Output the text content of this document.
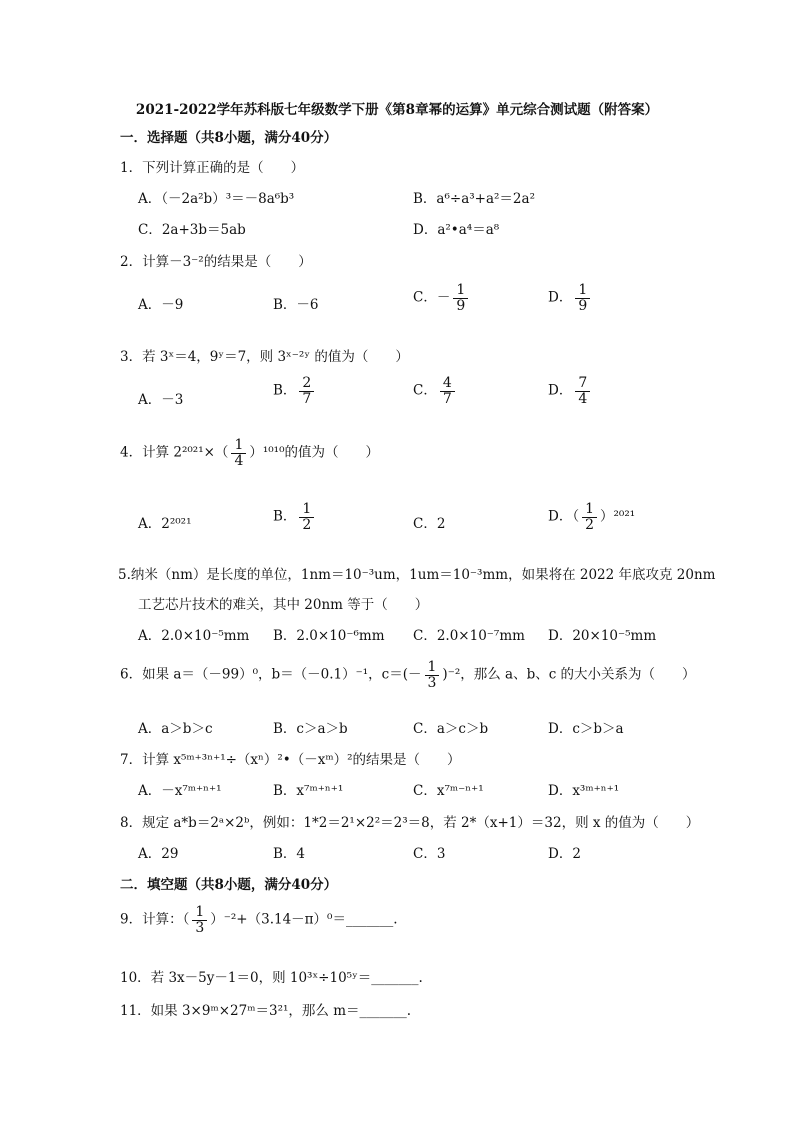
2021-2022学年苏科版七年级数学下册《第8章幂的运算》单元综合测试题（附答案）
一．选择题（共8小题，满分40分）
1．下列计算正确的是（　　）
A．（－2a²b）³＝－8a⁶b³	B．a⁶÷a³+a²＝2a²
C．2a+3b＝5ab	D．a²•a⁴＝a⁸
2．计算－3⁻²的结果是（　　）
A．－9	B．－6	C．－ $\frac{1}{9}$	D． $\frac{1}{9}$
3．若 3ˣ＝4，9ʸ＝7，则 3ˣ⁻²ʸ 的值为（　　）
A．－3
B． $\frac{2}{7}$	C． $\frac{4}{7}$	D． $\frac{7}{4}$
4．计算 $2^{2021}\times( \frac{1}{4} )^{1010}$的值为（　　）
A．2²⁰²¹	B． $\frac{1}{2}$	C．2	D．（ $\frac{1}{2} )^{2021}$
5.纳米（nm）是长度的单位，1nm＝10⁻³um，1um＝10⁻³mm，如果将在 2022 年底攻克 20nm
工艺芯片技术的难关，其中 20nm 等于（　　）
A．2.0×10⁻⁵mm B．2.0×10⁻⁶mm C．2.0×10⁻⁷mm D．20×10⁻⁵mm
6．如果 a＝（－99）⁰，b＝（－0.1）⁻¹，$c=(- \frac{1}{3} )^{-2}$，那么 a、b、c 的大小关系为（　　）
A．a＞b＞c	B．c＞a＞b	C．a＞c＞b	D．c＞b＞a
7．计算 x⁵ᵐ⁺³ⁿ⁺¹÷（xⁿ）²•（－xᵐ）²的结果是（　　）
A．－x⁷ᵐ⁺ⁿ⁺¹	B．x⁷ᵐ⁺ⁿ⁺¹	C．x⁷ᵐ⁻ⁿ⁺¹	D．x³ᵐ⁺ⁿ⁺¹
8．规定 a*b＝2ᵃ×2ᵇ，例如：1*2＝2¹×2²＝2³＝8，若 2*（x+1）＝32，则 x 的值为（　　）
A．29	B．4	C．3	D．2
二．填空题（共8小题，满分40分）
9．计算：（ $\frac{1}{3}$ ）⁻²+（3.14－π）⁰＝_______.
10．若 3x－5y－1＝0，则 10³ˣ÷10⁵ʸ＝_______.
11．如果 3×9ᵐ×27ᵐ＝3²¹，那么 m＝_______.
